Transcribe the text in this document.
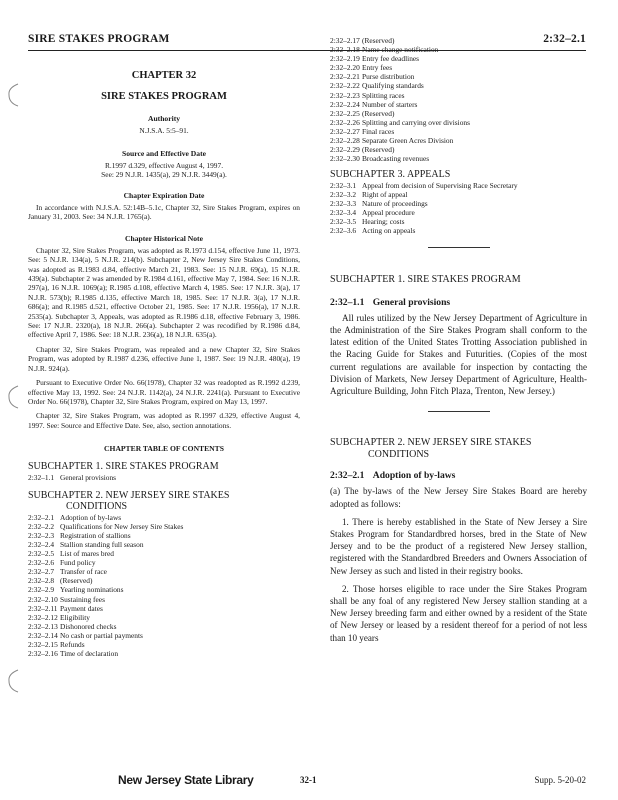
SIRE STAKES PROGRAM	2:32–2.1
CHAPTER 32
SIRE STAKES PROGRAM
Authority
N.J.S.A. 5:5–91.
Source and Effective Date
R.1997 d.329, effective August 4, 1997.
See: 29 N.J.R. 1435(a), 29 N.J.R. 3449(a).
Chapter Expiration Date

In accordance with N.J.S.A. 52:14B–5.1c, Chapter 32, Sire Stakes Program, expires on January 31, 2003. See: 34 N.J.R. 1765(a).

Chapter Historical Note

Chapter 32, Sire Stakes Program, was adopted as R.1973 d.154, effective June 11, 1973. See: 5 N.J.R. 134(a), 5 N.J.R. 214(b). Subchapter 2, New Jersey Sire Stakes Conditions, was adopted as R.1983 d.84, effective March 21, 1983. See: 15 N.J.R. 69(a), 15 N.J.R. 439(a). Subchapter 2 was amended by R.1984 d.161, effective May 7, 1984. See: 16 N.J.R. 297(a), 16 N.J.R. 1069(a); R.1985 d.108, effective March 4, 1985. See: 17 N.J.R. 3(a), 17 N.J.R. 573(b); R.1985 d.135, effective March 18, 1985. See: 17 N.J.R. 3(a), 17 N.J.R. 686(a); and R.1985 d.521, effective October 21, 1985. See: 17 N.J.R. 1956(a), 17 N.J.R. 2535(a). Subchapter 3, Appeals, was adopted as R.1986 d.18, effective February 3, 1986. See: 17 N.J.R. 2320(a), 18 N.J.R. 266(a). Subchapter 2 was recodified by R.1986 d.84, effective April 7, 1986. See: 18 N.J.R. 236(a), 18 N.J.R. 635(a).

Chapter 32, Sire Stakes Program, was repealed and a new Chapter 32, Sire Stakes Program, was adopted by R.1987 d.236, effective June 1, 1987. See: 19 N.J.R. 480(a), 19 N.J.R. 924(a).

Pursuant to Executive Order No. 66(1978), Chapter 32 was readopted as R.1992 d.239, effective May 13, 1992. See: 24 N.J.R. 1142(a), 24 N.J.R. 2241(a). Pursuant to Executive Order No. 66(1978), Chapter 32, Sire Stakes Program, expired on May 13, 1997.

Chapter 32, Sire Stakes Program, was adopted as R.1997 d.329, effective August 4, 1997. See: Source and Effective Date. See, also, section annotations.

CHAPTER TABLE OF CONTENTS
SUBCHAPTER 1. SIRE STAKES PROGRAM
2:32–1.1 General provisions
SUBCHAPTER 2. NEW JERSEY SIRE STAKES
CONDITIONS
2:32–2.1 Adoption of by-laws
2:32–2.2 Qualifications for New Jersey Sire Stakes
2:32–2.3 Registration of stallions
2:32–2.4 Stallion standing full season
2:32–2.5 List of mares bred
2:32–2.6 Fund policy
2:32–2.7 Transfer of race
2:32–2.8 (Reserved)
2:32–2.9 Yearling nominations
2:32–2.10 Sustaining fees
2:32–2.11 Payment dates
2:32–2.12 Eligibility
2:32–2.13 Dishonored checks
2:32–2.14 No cash or partial payments
2:32–2.15 Refunds
2:32–2.16 Time of declaration
2:32–2.17 (Reserved)
2:32–2.18 Name change notification
2:32–2.19 Entry fee deadlines
2:32–2.20 Entry fees
2:32–2.21 Purse distribution
2:32–2.22 Qualifying standards
2:32–2.23 Splitting races
2:32–2.24 Number of starters
2:32–2.25 (Reserved)
2:32–2.26 Splitting and carrying over divisions
2:32–2.27 Final races
2:32–2.28 Separate Green Acres Division
2:32–2.29 (Reserved)
2:32–2.30 Broadcasting revenues
SUBCHAPTER 3. APPEALS
2:32–3.1 Appeal from decision of Supervising Race Secretary
2:32–3.2 Right of appeal
2:32–3.3 Nature of proceedings
2:32–3.4 Appeal procedure
2:32–3.5 Hearing; costs
2:32–3.6 Acting on appeals
SUBCHAPTER 1. SIRE STAKES PROGRAM
2:32–1.1 General provisions

All rules utilized by the New Jersey Department of Agriculture in the Administration of the Sire Stakes Program shall conform to the latest edition of the United States Trotting Association published in the Racing Guide for Stakes and Futurities. (Copies of the most current regulations are available for inspection by contacting the Division of Markets, New Jersey Department of Agriculture, Health-Agriculture Building, John Fitch Plaza, Trenton, New Jersey.)

SUBCHAPTER 2. NEW JERSEY SIRE STAKES
CONDITIONS
2:32–2.1 Adoption of by-laws

(a) The by-laws of the New Jersey Sire Stakes Board are hereby adopted as follows:

1. There is hereby established in the State of New Jersey a Sire Stakes Program for Standardbred horses, bred in the State of New Jersey and to be the product of a registered New Jersey stallion, registered with the Standardbred Breeders and Owners Association of New Jersey as such and listed in their registry books.

2. Those horses eligible to race under the Sire Stakes Program shall be any foal of any registered New Jersey stallion standing at a New Jersey breeding farm and either owned by a resident of the State of New Jersey or leased by a resident thereof for a period of not less than 10 years

New Jersey State Library	32-1	Supp. 5-20-02
